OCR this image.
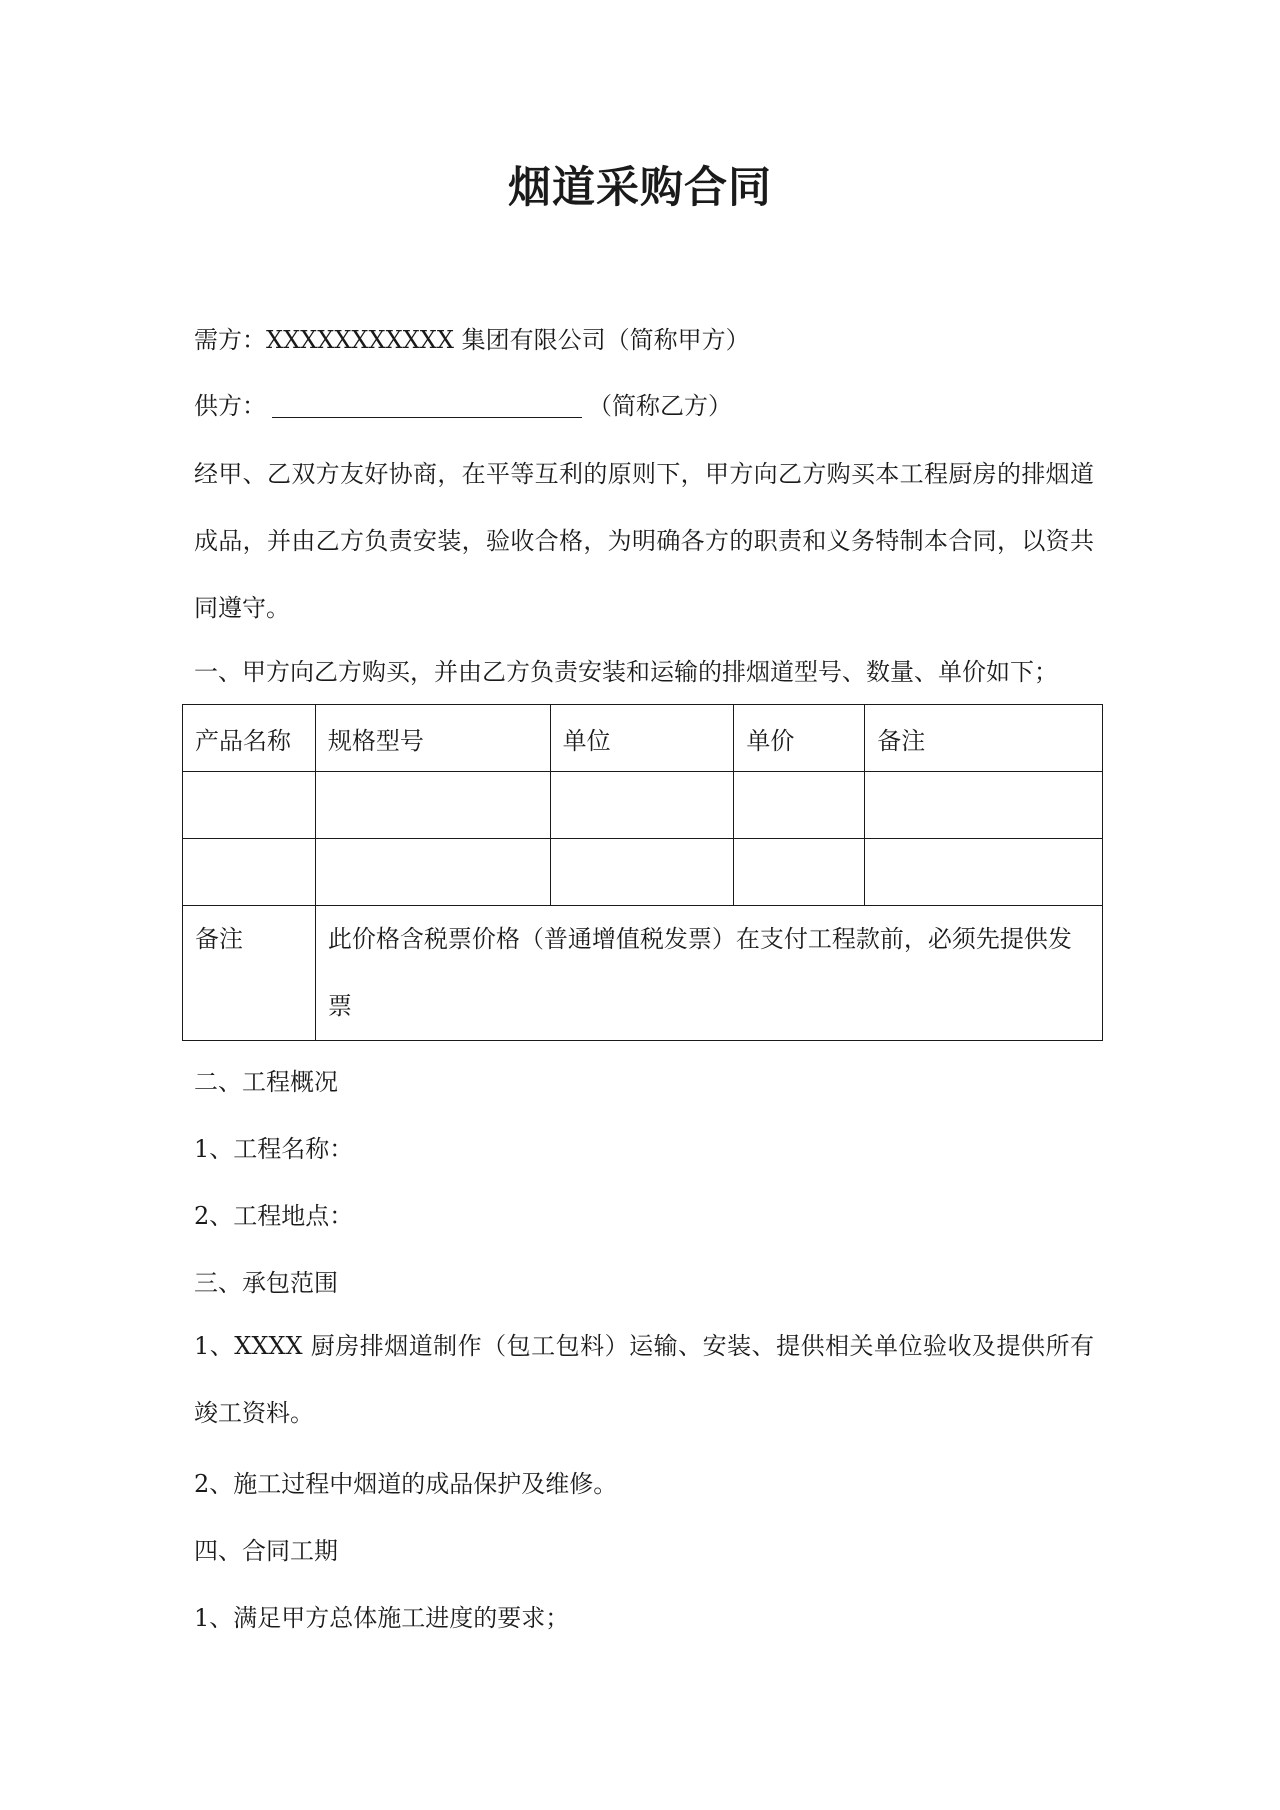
烟道采购合同
需方：XXXXXXXXXXX 集团有限公司（简称甲方）
供方：	（简称乙方）
经甲、乙双方友好协商，在平等互利的原则下，甲方向乙方购买本工程厨房的排烟道成品，并由乙方负责安装，验收合格，为明确各方的职责和义务特制本合同，以资共同遵守。
一、甲方向乙方购买，并由乙方负责安装和运输的排烟道型号、数量、单价如下；
产品名称	规格型号	单位	单价	备注

备注	此价格含税票价格（普通增值税发票）在支付工程款前，必须先提供发票			
二、工程概况
1、工程名称：
2、工程地点：
三、承包范围
1、XXXX 厨房排烟道制作（包工包料）运输、安装、提供相关单位验收及提供所有竣工资料。
2、施工过程中烟道的成品保护及维修。
四、合同工期
1、满足甲方总体施工进度的要求；
